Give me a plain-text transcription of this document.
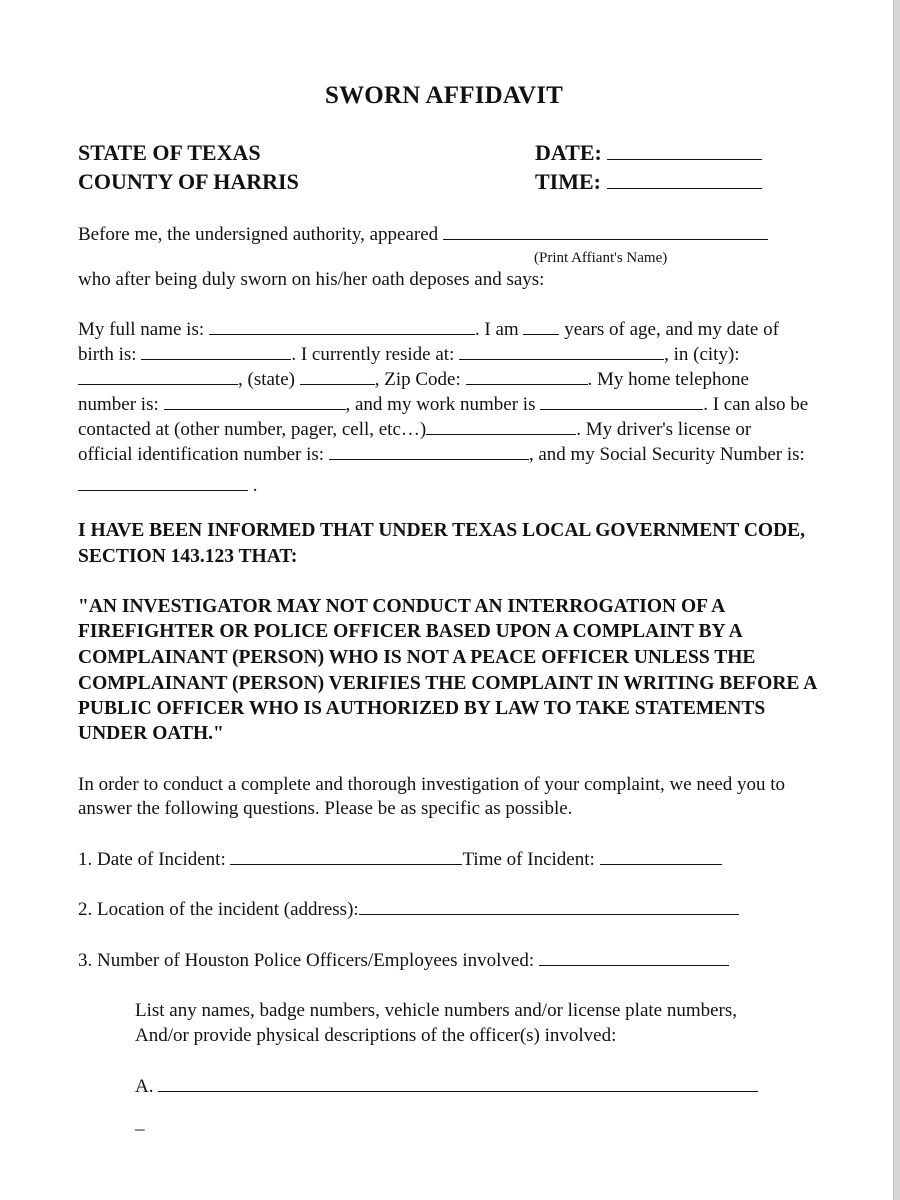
SWORN AFFIDAVIT
STATE OF TEXAS
COUNTY OF HARRIS
DATE:
TIME:
Before me, the undersigned authority, appeared
(Print Affiant's Name)
who after being duly sworn on his/her oath deposes and says:
My full name is:	. I am years of age, and my date of
birth is:	. I currently reside at:	, in (city):
, (state)	, Zip Code:	. My home telephone
number is:	, and my work number is	. I can also be
contacted at (other number, pager, cell, etc…)	. My driver's license or
official identification number is:	, and my Social Security Number is:
.
I HAVE BEEN INFORMED THAT UNDER TEXAS LOCAL GOVERNMENT CODE,
SECTION 143.123 THAT:
"AN INVESTIGATOR MAY NOT CONDUCT AN INTERROGATION OF A
FIREFIGHTER OR POLICE OFFICER BASED UPON A COMPLAINT BY A
COMPLAINANT (PERSON) WHO IS NOT A PEACE OFFICER UNLESS THE
COMPLAINANT (PERSON) VERIFIES THE COMPLAINT IN WRITING BEFORE A
PUBLIC OFFICER WHO IS AUTHORIZED BY LAW TO TAKE STATEMENTS
UNDER OATH."
In order to conduct a complete and thorough investigation of your complaint, we need you to
answer the following questions. Please be as specific as possible.
1. Date of Incident:	Time of Incident:
2. Location of the incident (address):
3. Number of Houston Police Officers/Employees involved:
List any names, badge numbers, vehicle numbers and/or license plate numbers,
And/or provide physical descriptions of the officer(s) involved:
A.
_
